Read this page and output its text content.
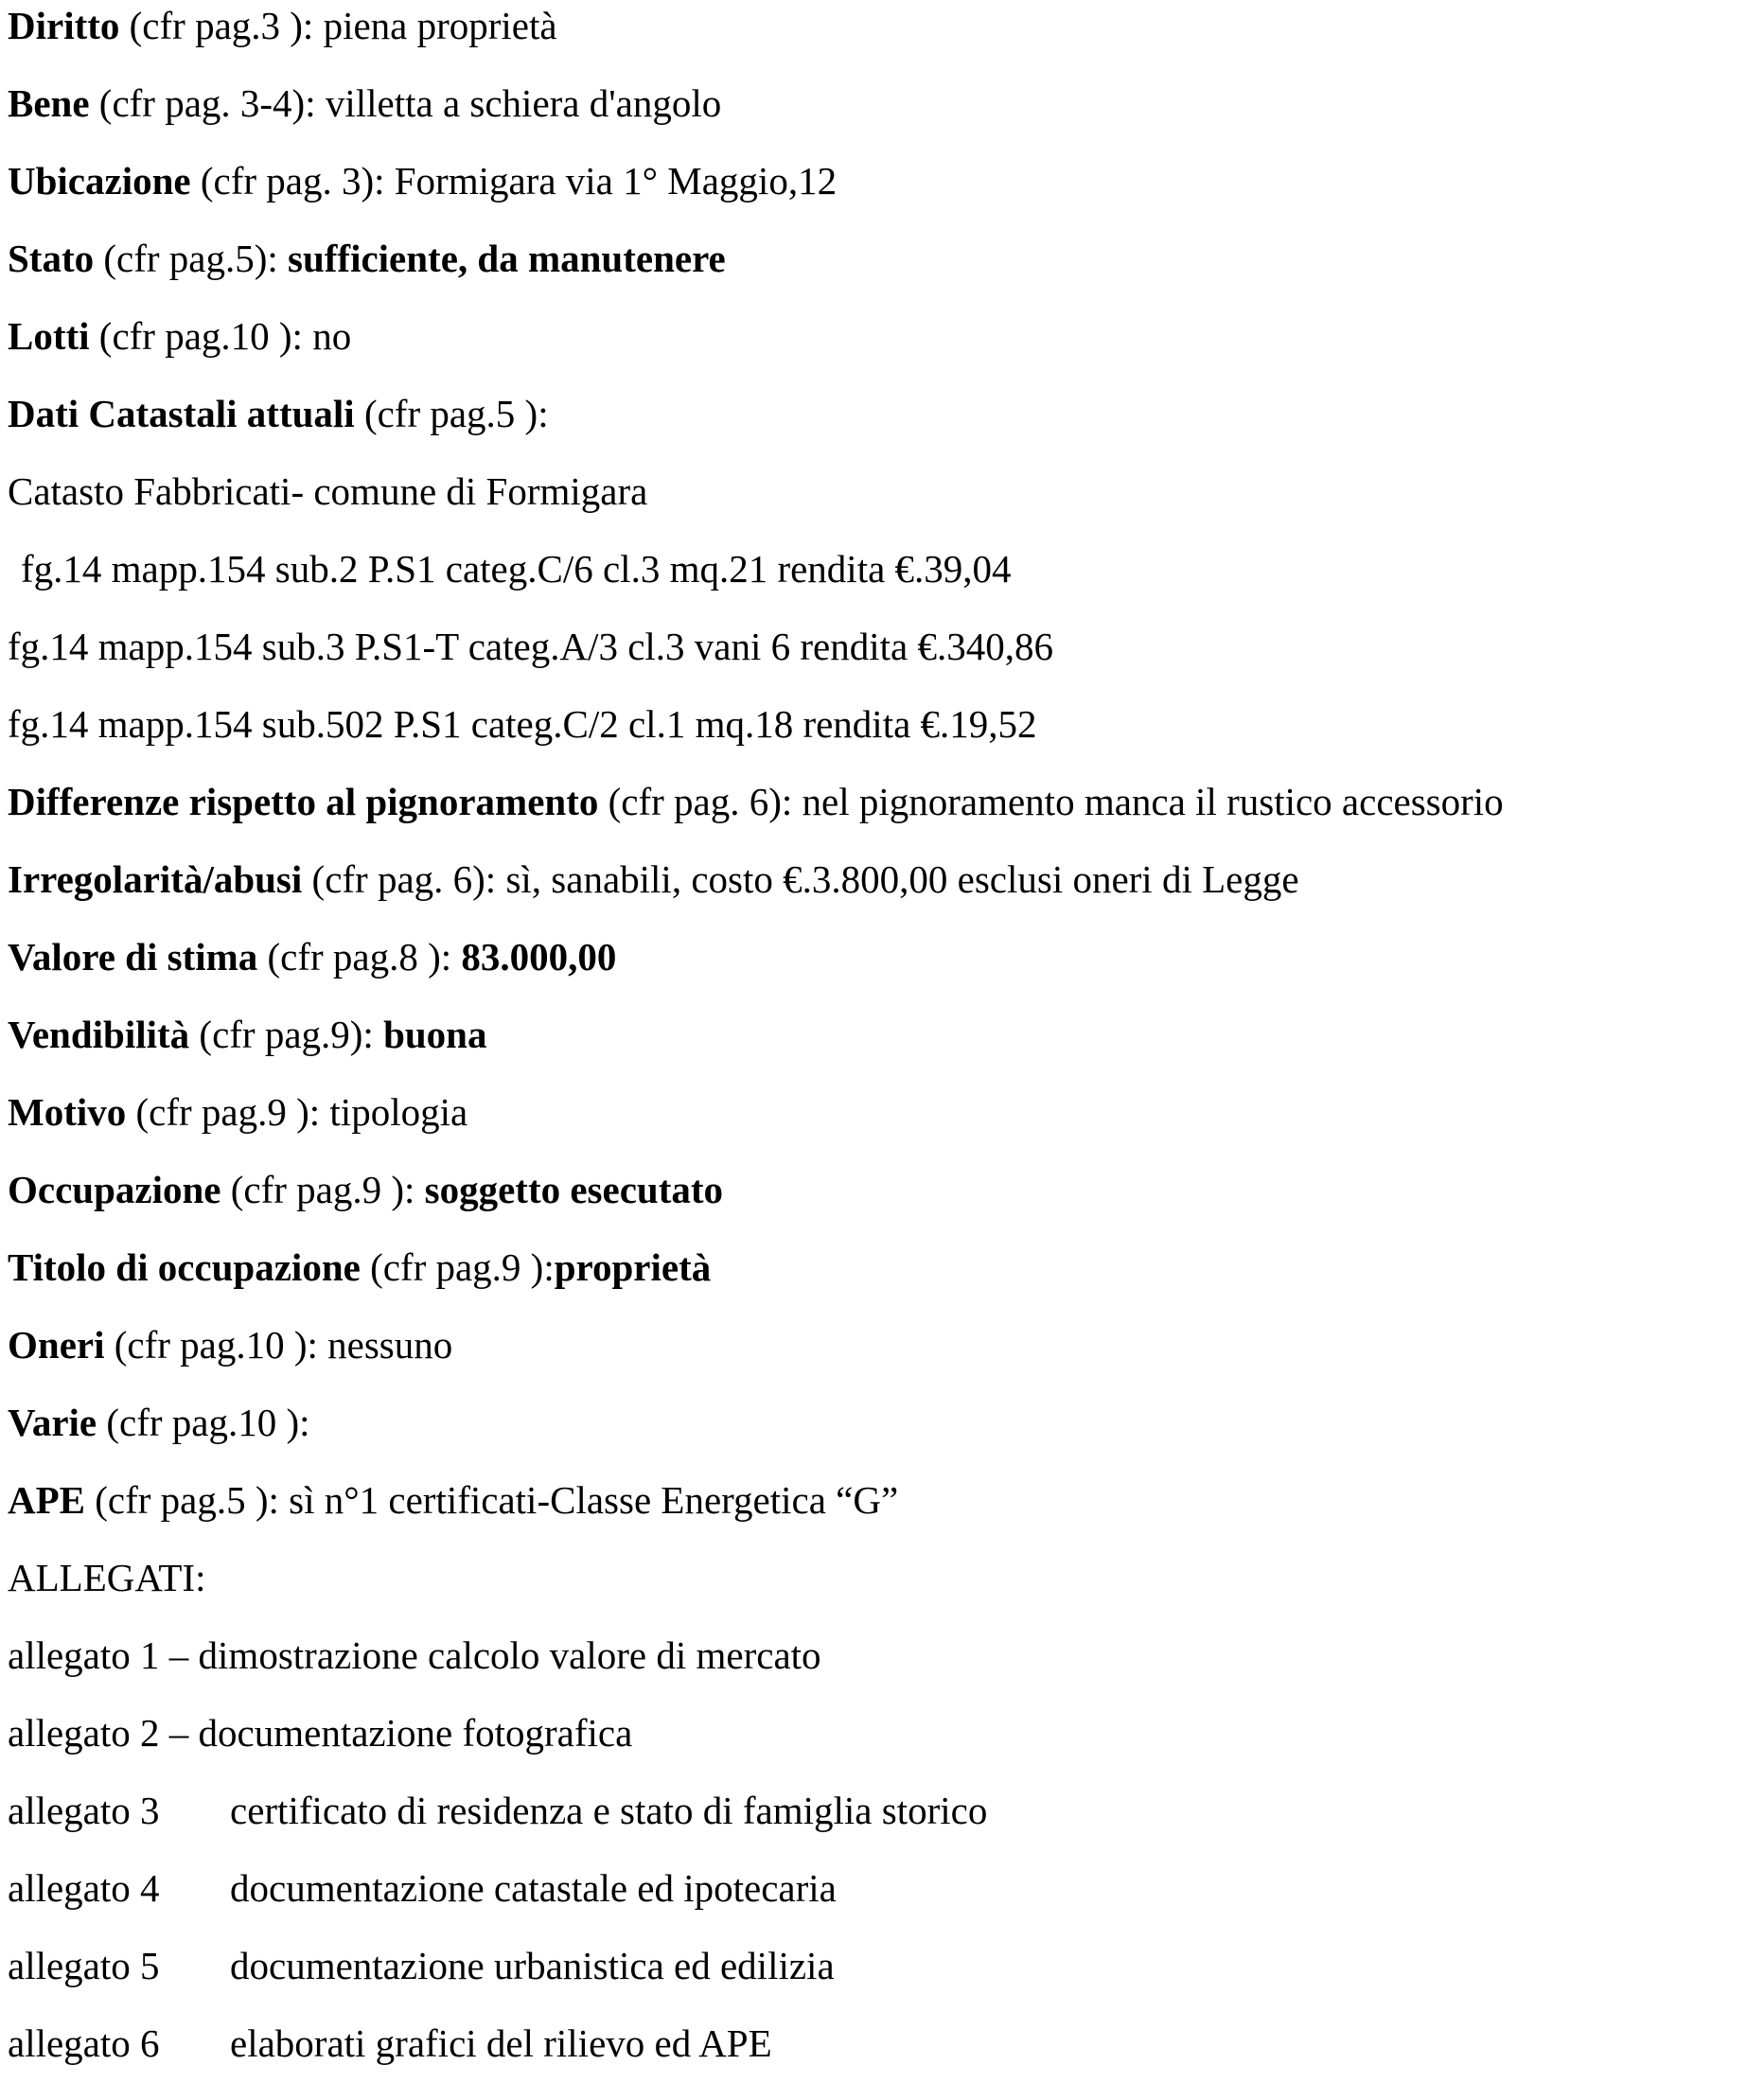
Diritto (cfr pag.3 ): piena proprietà
Bene (cfr pag. 3-4): villetta a schiera d'angolo
Ubicazione (cfr pag. 3): Formigara via 1° Maggio,12
Stato (cfr pag.5): sufficiente, da manutenere
Lotti (cfr pag.10 ): no
Dati Catastali attuali (cfr pag.5 ):
Catasto Fabbricati- comune di Formigara
fg.14 mapp.154 sub.2 P.S1 categ.C/6 cl.3 mq.21 rendita €.39,04
fg.14 mapp.154 sub.3 P.S1-T categ.A/3 cl.3 vani 6 rendita €.340,86
fg.14 mapp.154 sub.502 P.S1 categ.C/2 cl.1 mq.18 rendita €.19,52
Differenze rispetto al pignoramento (cfr pag. 6): nel pignoramento manca il rustico accessorio
Irregolarità/abusi (cfr pag. 6): sì, sanabili, costo €.3.800,00 esclusi oneri di Legge
Valore di stima (cfr pag.8 ): 83.000,00
Vendibilità (cfr pag.9): buona
Motivo (cfr pag.9 ): tipologia
Occupazione (cfr pag.9 ): soggetto esecutato
Titolo di occupazione (cfr pag.9 ):proprietà
Oneri (cfr pag.10 ): nessuno
Varie (cfr pag.10 ):
APE (cfr pag.5 ): sì n°1 certificati-Classe Energetica “G”
ALLEGATI:
allegato 1 – dimostrazione calcolo valore di mercato
allegato 2 – documentazione fotografica
allegato 3 certificato di residenza e stato di famiglia storico
allegato 4 documentazione catastale ed ipotecaria
allegato 5 documentazione urbanistica ed edilizia
allegato 6 elaborati grafici del rilievo ed APE
